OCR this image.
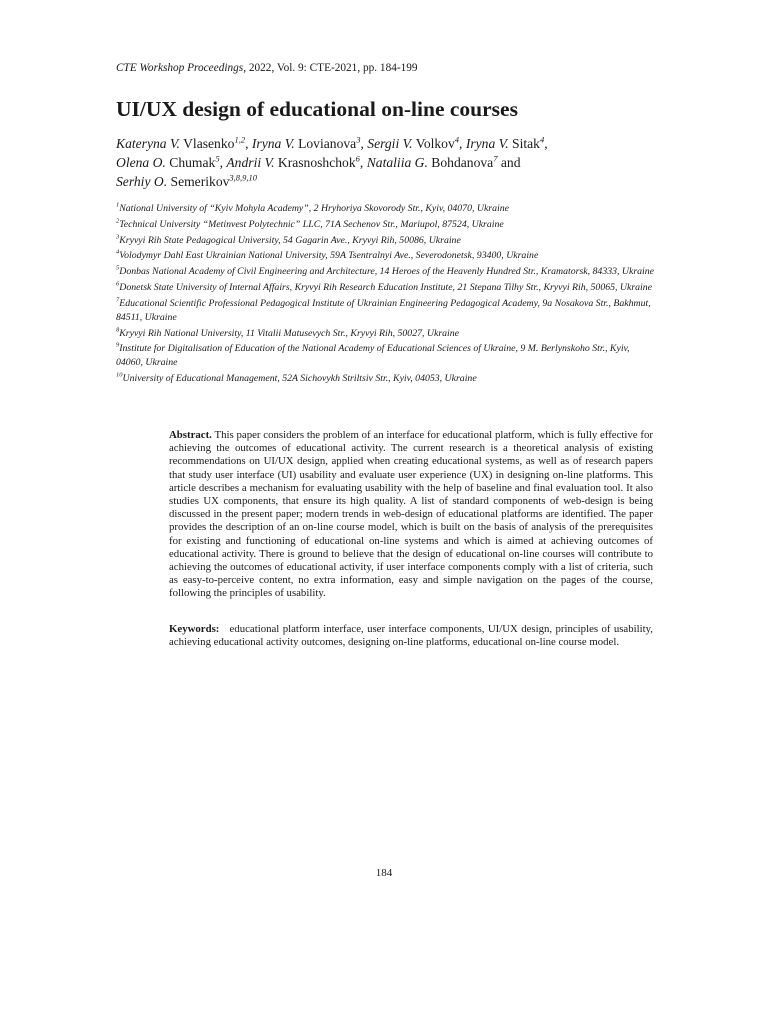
CTE Workshop Proceedings, 2022, Vol. 9: CTE-2021, pp. 184-199
UI/UX design of educational on-line courses
Kateryna V. Vlasenko$^{1,2}$, Iryna V. Lovianova$^3$, Sergii V. Volkov$^4$, Iryna V. Sitak$^4$,
Olena O. Chumak$^5$, Andrii V. Krasnoshchok$^6$, Nataliia G. Bohdanova$^7$ and
Serhiy O. Semerikov$^{3,8,9,10}$
$^1$National University of “Kyiv Mohyla Academy”, 2 Hryhoriya Skovorody Str., Kyiv, 04070, Ukraine
$^2$Technical University “Metinvest Polytechnic” LLC, 71A Sechenov Str., Mariupol, 87524, Ukraine
$^3$Kryvyi Rih State Pedagogical University, 54 Gagarin Ave., Kryvyi Rih, 50086, Ukraine
$^4$Volodymyr Dahl East Ukrainian National University, 59A Tsentralnyi Ave., Severodonetsk, 93400, Ukraine
$^5$Donbas National Academy of Civil Engineering and Architecture, 14 Heroes of the Heavenly Hundred Str., Kramatorsk, 84333, Ukraine
$^6$Donetsk State University of Internal Affairs, Kryvyi Rih Research Education Institute, 21 Stepana Tilhy Str., Kryvyi Rih, 50065, Ukraine
$^7$Educational Scientific Professional Pedagogical Institute of Ukrainian Engineering Pedagogical Academy, 9a Nosakova Str., Bakhmut, 84511, Ukraine
$^8$Kryvyi Rih National University, 11 Vitalii Matusevych Str., Kryvyi Rih, 50027, Ukraine
$^9$Institute for Digitalisation of Education of the National Academy of Educational Sciences of Ukraine, 9 M. Berlynskoho Str., Kyiv, 04060, Ukraine
$^{10}$University of Educational Management, 52A Sichovykh Striltsiv Str., Kyiv, 04053, Ukraine
Abstract. This paper considers the problem of an interface for educational platform, which is fully effective for achieving the outcomes of educational activity. The current research is a theoretical analysis of existing recommendations on UI/UX design, applied when creating educational systems, as well as of research papers that study user interface (UI) usability and evaluate user experience (UX) in designing on-line platforms. This article describes a mechanism for evaluating usability with the help of baseline and final evaluation tool. It also studies UX components, that ensure its high quality. A list of standard components of web-design is being discussed in the present paper; modern trends in web-design of educational platforms are identified. The paper provides the description of an on-line course model, which is built on the basis of analysis of the prerequisites for existing and functioning of educational on-line systems and which is aimed at achieving outcomes of educational activity. There is ground to believe that the design of educational on-line courses will contribute to achieving the outcomes of educational activity, if user interface components comply with a list of criteria, such as easy-to-perceive content, no extra information, easy and simple navigation on the pages of the course, following the principles of usability.
Keywords: educational platform interface, user interface components, UI/UX design, principles of usability, achieving educational activity outcomes, designing on-line platforms, educational on-line course model.
184
